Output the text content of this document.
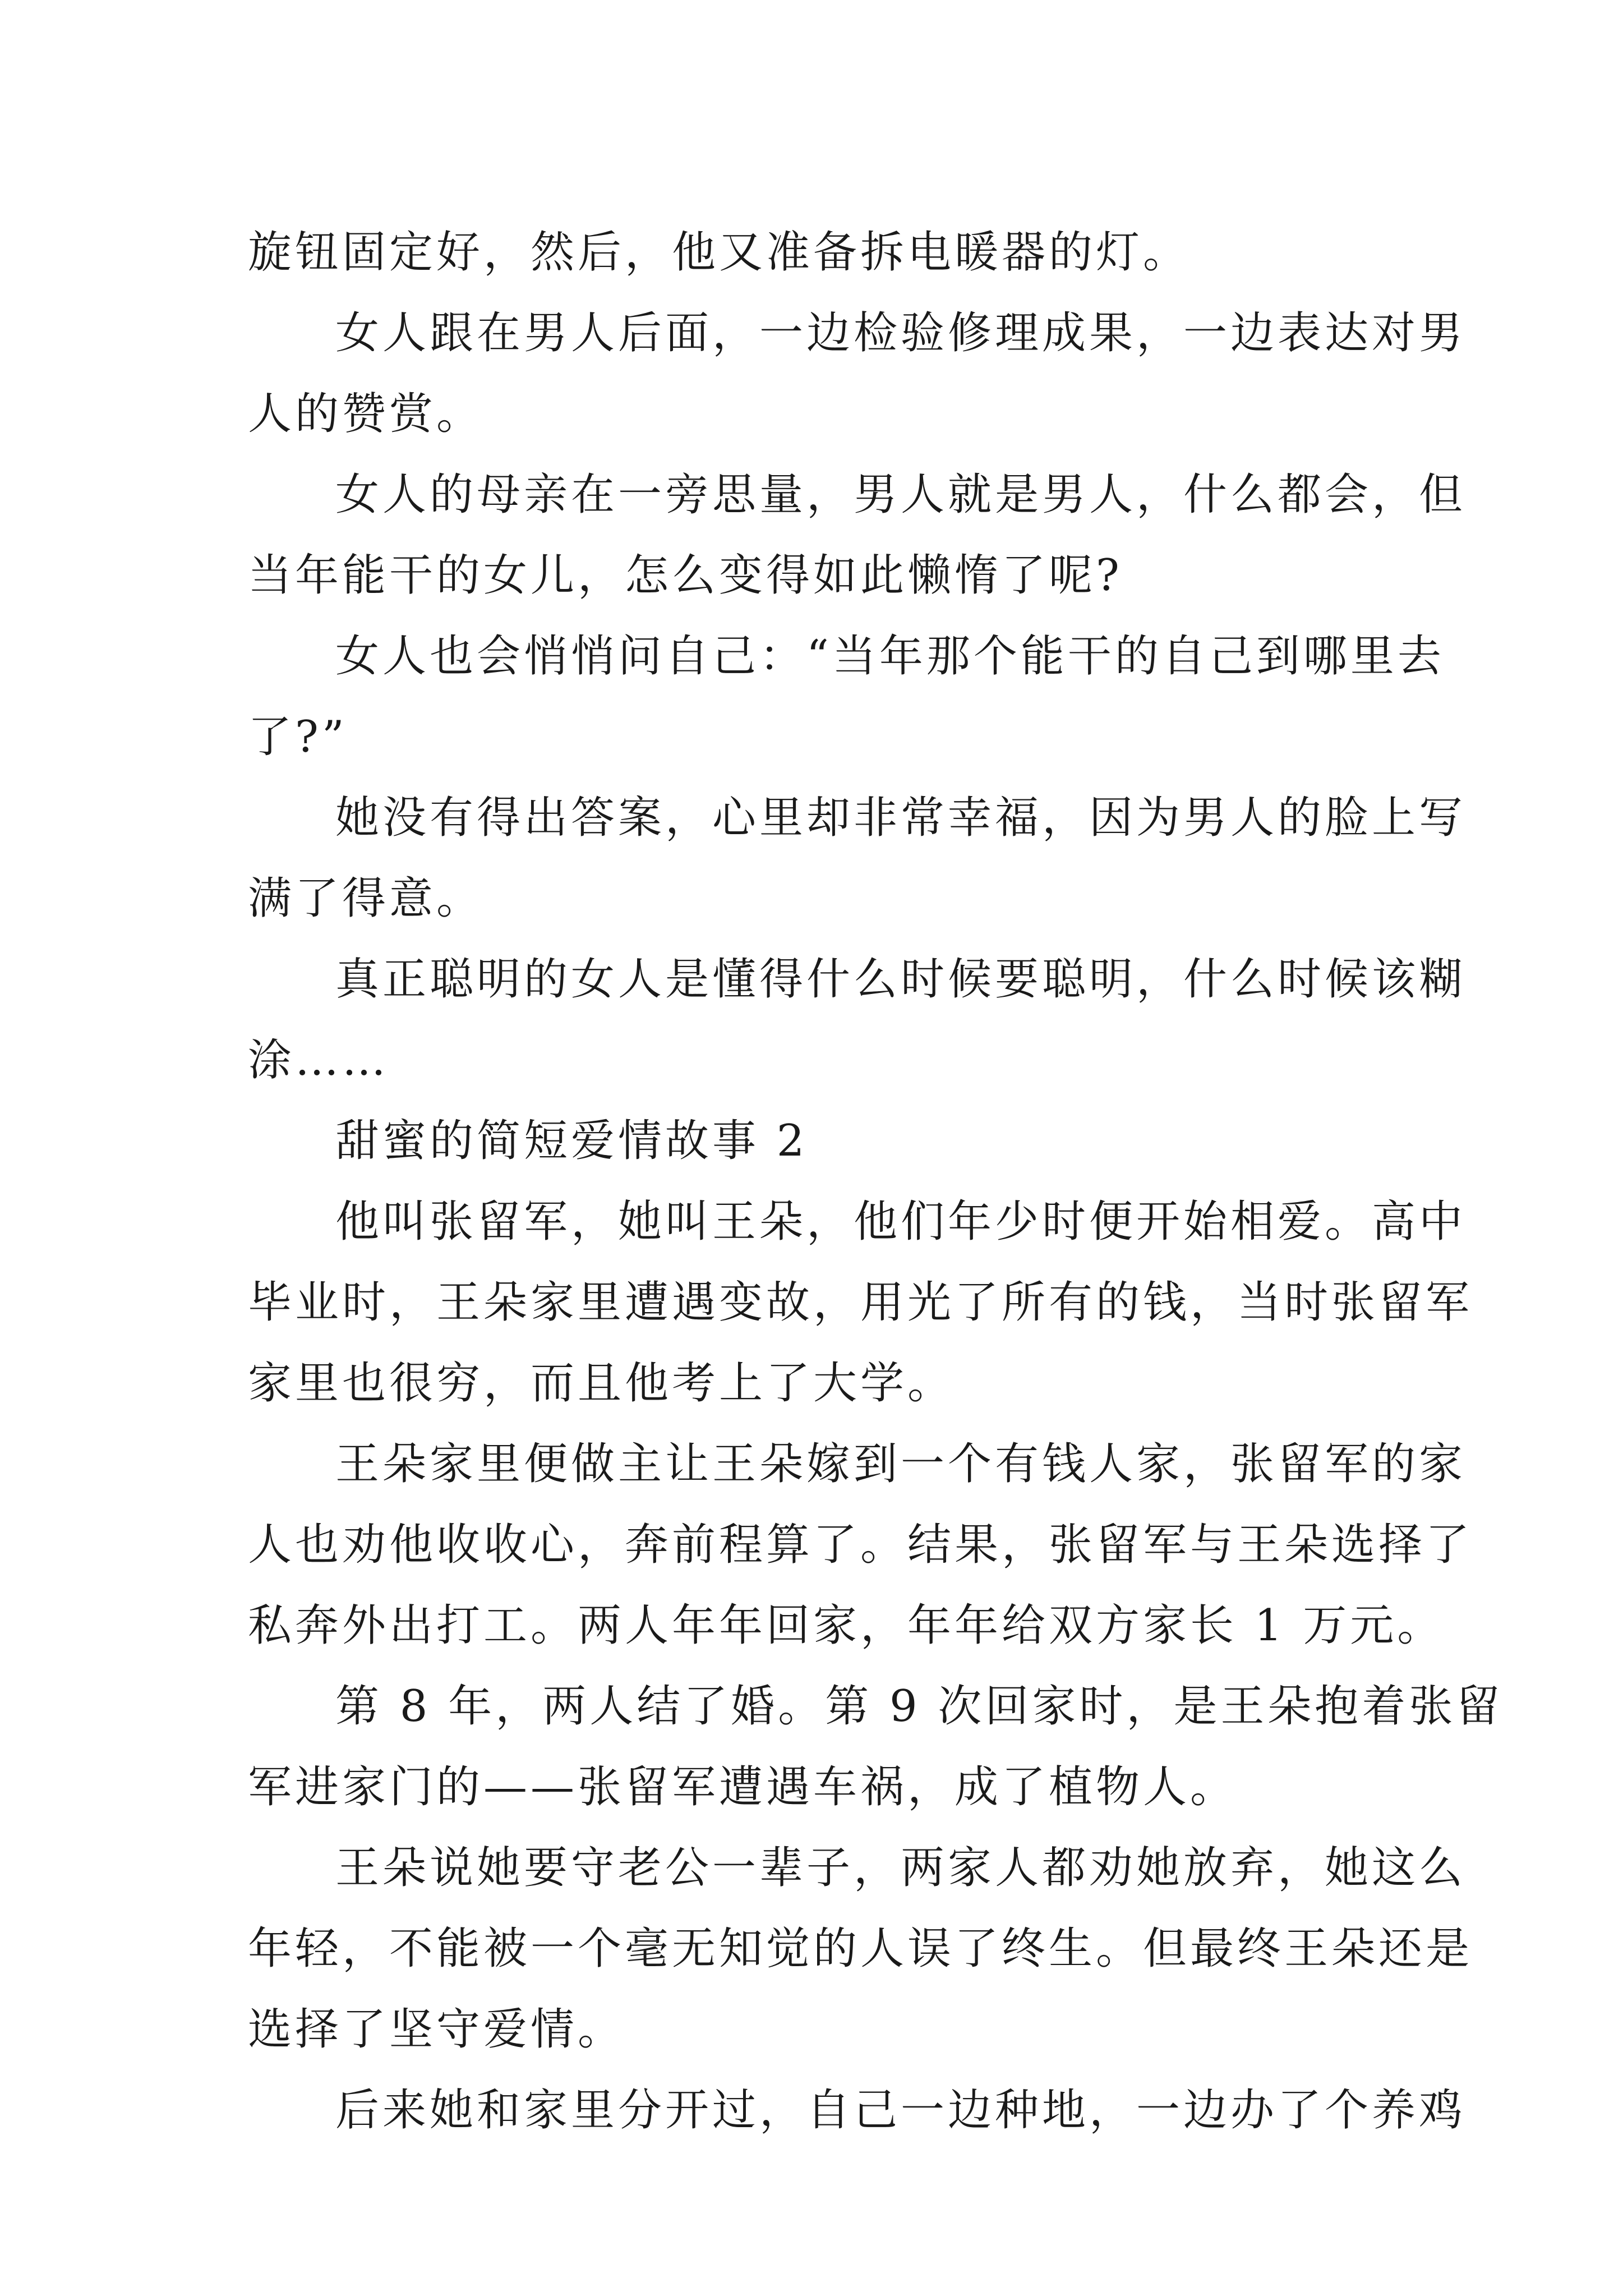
旋钮固定好，然后，他又准备拆电暖器的灯。
女人跟在男人后面，一边检验修理成果，一边表达对男
人的赞赏。
女人的母亲在一旁思量，男人就是男人，什么都会，但
当年能干的女儿，怎么变得如此懒惰了呢?
女人也会悄悄问自己：“当年那个能干的自己到哪里去
了?”
她没有得出答案，心里却非常幸福，因为男人的脸上写
满了得意。
真正聪明的女人是懂得什么时候要聪明，什么时候该糊
涂……
甜蜜的简短爱情故事 2
他叫张留军，她叫王朵，他们年少时便开始相爱。高中
毕业时，王朵家里遭遇变故，用光了所有的钱，当时张留军
家里也很穷，而且他考上了大学。
王朵家里便做主让王朵嫁到一个有钱人家，张留军的家
人也劝他收收心，奔前程算了。结果，张留军与王朵选择了
私奔外出打工。两人年年回家，年年给双方家长 1 万元。
第 8 年，两人结了婚。第 9 次回家时，是王朵抱着张留
军进家门的——张留军遭遇车祸，成了植物人。
王朵说她要守老公一辈子，两家人都劝她放弃，她这么
年轻，不能被一个毫无知觉的人误了终生。但最终王朵还是
选择了坚守爱情。
后来她和家里分开过，自己一边种地，一边办了个养鸡
